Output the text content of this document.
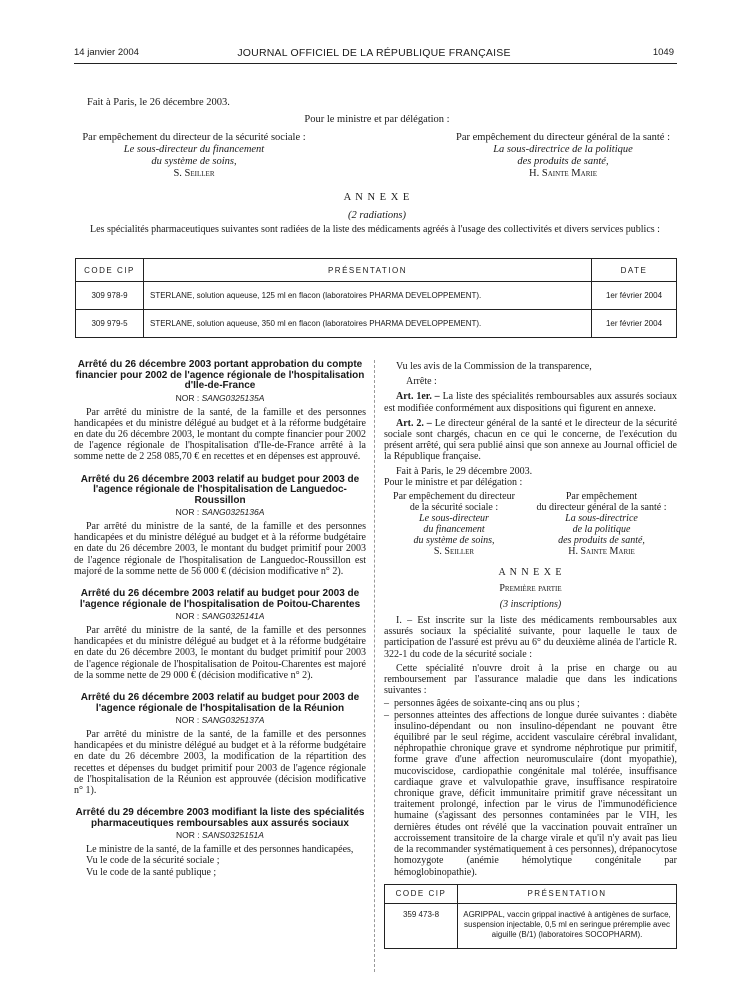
14 janvier 2004	JOURNAL OFFICIEL DE LA RÉPUBLIQUE FRANÇAISE	1049
Fait à Paris, le 26 décembre 2003.
Pour le ministre et par délégation :
Par empêchement du directeur de la sécurité sociale :
Le sous-directeur du financement
du système de soins,
S. Seiller
Par empêchement du directeur général de la santé :
La sous-directrice de la politique
des produits de santé,
H. Sainte Marie
A N N E X E
(2 radiations)
Les spécialités pharmaceutiques suivantes sont radiées de la liste des médicaments agréés à l'usage des collectivités et divers services publics :
CODE CIP	PRÉSENTATION	DATE
309 978-9	STERLANE, solution aqueuse, 125 ml en flacon (laboratoires PHARMA DEVELOPPEMENT).	1er février 2004
309 979-5	STERLANE, solution aqueuse, 350 ml en flacon (laboratoires PHARMA DEVELOPPEMENT).	1er février 2004
Arrêté du 26 décembre 2003 portant approbation du compte financier pour 2002 de l'agence régionale de l'hospitalisation d'Ile-de-France
NOR : SANG0325135A
Par arrêté du ministre de la santé, de la famille et des personnes handicapées et du ministre délégué au budget et à la réforme budgétaire en date du 26 décembre 2003, le montant du compte financier pour 2002 de l'agence régionale de l'hospitalisation d'Ile-de-France arrêté à la somme nette de 2 258 085,70 € en recettes et en dépenses est approuvé.
Arrêté du 26 décembre 2003 relatif au budget pour 2003 de l'agence régionale de l'hospitalisation de Languedoc-Roussillon
NOR : SANG0325136A
Par arrêté du ministre de la santé, de la famille et des personnes handicapées et du ministre délégué au budget et à la réforme budgétaire en date du 26 décembre 2003, le montant du budget primitif pour 2003 de l'agence régionale de l'hospitalisation de Languedoc-Roussillon est majoré de la somme nette de 56 000 € (décision modificative n° 2).
Arrêté du 26 décembre 2003 relatif au budget pour 2003 de l'agence régionale de l'hospitalisation de Poitou-Charentes
NOR : SANG0325141A
Par arrêté du ministre de la santé, de la famille et des personnes handicapées et du ministre délégué au budget et à la réforme budgétaire en date du 26 décembre 2003, le montant du budget primitif pour 2003 de l'agence régionale de l'hospitalisation de Poitou-Charentes est majoré de la somme nette de 29 000 € (décision modificative n° 2).
Arrêté du 26 décembre 2003 relatif au budget pour 2003 de l'agence régionale de l'hospitalisation de la Réunion
NOR : SANG0325137A
Par arrêté du ministre de la santé, de la famille et des personnes handicapées et du ministre délégué au budget et à la réforme budgétaire en date du 26 décembre 2003, la modification de la répartition des recettes et dépenses du budget primitif pour 2003 de l'agence régionale de l'hospitalisation de la Réunion est approuvée (décision modificative n° 1).
Arrêté du 29 décembre 2003 modifiant la liste des spécialités pharmaceutiques remboursables aux assurés sociaux
NOR : SANS0325151A
Le ministre de la santé, de la famille et des personnes handicapées,
Vu le code de la sécurité sociale ;
Vu le code de la santé publique ;
Vu les avis de la Commission de la transparence,
Arrête :
Art. 1er. – La liste des spécialités remboursables aux assurés sociaux est modifiée conformément aux dispositions qui figurent en annexe.
Art. 2. – Le directeur général de la santé et le directeur de la sécurité sociale sont chargés, chacun en ce qui le concerne, de l'exécution du présent arrêté, qui sera publié ainsi que son annexe au Journal officiel de la République française.
Fait à Paris, le 29 décembre 2003.
Pour le ministre et par délégation :
Par empêchement du directeur
de la sécurité sociale :
Le sous-directeur
du financement
du système de soins,
S. Seiller
Par empêchement
du directeur général de la santé :
La sous-directrice
de la politique
des produits de santé,
H. Sainte Marie
A N N E X E
Première partie
(3 inscriptions)
I. – Est inscrite sur la liste des médicaments remboursables aux assurés sociaux la spécialité suivante, pour laquelle le taux de participation de l'assuré est prévu au 6° du deuxième alinéa de l'article R. 322-1 du code de la sécurité sociale :
Cette spécialité n'ouvre droit à la prise en charge ou au remboursement par l'assurance maladie que dans les indications suivantes :
– personnes âgées de soixante-cinq ans ou plus ;
– personnes atteintes des affections de longue durée suivantes : diabète insulino-dépendant ou non insulino-dépendant ne pouvant être équilibré par le seul régime, accident vasculaire cérébral invalidant, néphropathie chronique grave et syndrome néphrotique pur primitif, forme grave d'une affection neuromusculaire (dont myopathie), mucoviscidose, cardiopathie congénitale mal tolérée, insuffisance cardiaque grave et valvulopathie grave, insuffisance respiratoire chronique grave, déficit immunitaire primitif grave nécessitant un traitement prolongé, infection par le virus de l'immunodéficience humaine (s'agissant des personnes contaminées par le VIH, les dernières études ont révélé que la vaccination pouvait entraîner un accroissement transitoire de la charge virale et qu'il n'y avait pas lieu de la recommander systématiquement à ces personnes), drépanocytose homozygote (anémie hémolytique congénitale par hémoglobinopathie).
CODE CIP	PRÉSENTATION
359 473-8	AGRIPPAL, vaccin grippal inactivé à antigènes de surface, suspension injectable, 0,5 ml en seringue préremplie avec aiguille (B/1) (laboratoires SOCOPHARM).
